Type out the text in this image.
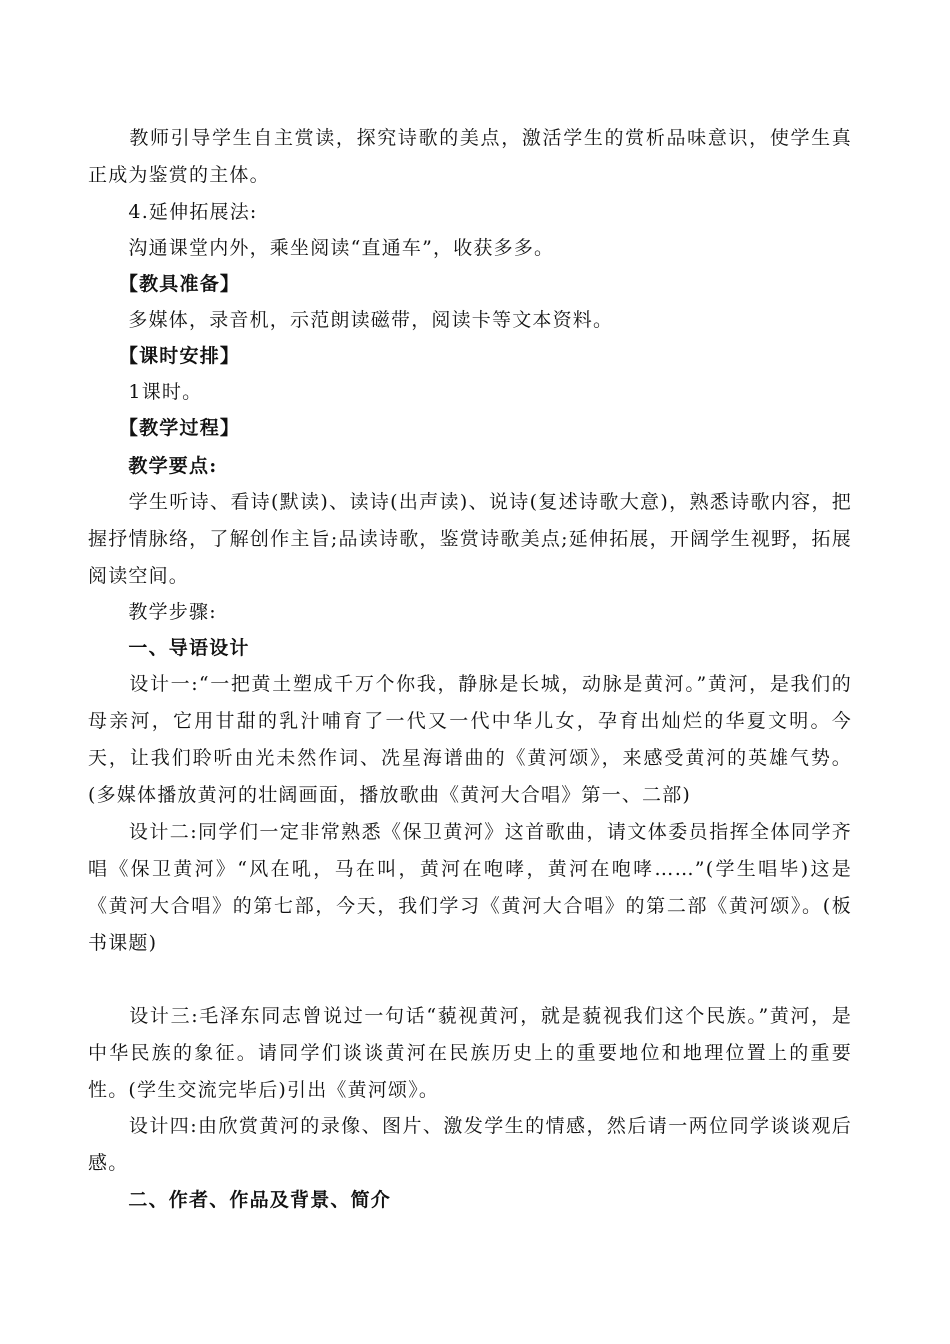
　　教师引导学生自主赏读，探究诗歌的美点，激活学生的赏析品味意识，使学生真正成为鉴赏的主体。

　　4.延伸拓展法:

　　沟通课堂内外，乘坐阅读“直通车”，收获多多。

　　【教具准备】

　　多媒体，录音机，示范朗读磁带，阅读卡等文本资料。

　　【课时安排】

　　1课时。

　　【教学过程】

　　教学要点:

　　学生听诗、看诗(默读)、读诗(出声读)、说诗(复述诗歌大意)，熟悉诗歌内容，把握抒情脉络，了解创作主旨;品读诗歌，鉴赏诗歌美点;延伸拓展，开阔学生视野，拓展阅读空间。

　　教学步骤:

　　一、导语设计

　　设计一:“一把黄土塑成千万个你我，静脉是长城，动脉是黄河。”黄河，是我们的母亲河，它用甘甜的乳汁哺育了一代又一代中华儿女，孕育出灿烂的华夏文明。今天，让我们聆听由光未然作词、冼星海谱曲的《黄河颂》，来感受黄河的英雄气势。(多媒体播放黄河的壮阔画面，播放歌曲《黄河大合唱》第一、二部)

　　设计二:同学们一定非常熟悉《保卫黄河》这首歌曲，请文体委员指挥全体同学齐唱《保卫黄河》“风在吼，马在叫，黄河在咆哮，黄河在咆哮……”(学生唱毕)这是《黄河大合唱》的第七部，今天，我们学习《黄河大合唱》的第二部《黄河颂》。(板书课题)

　　设计三:毛泽东同志曾说过一句话“藐视黄河，就是藐视我们这个民族。”黄河，是中华民族的象征。请同学们谈谈黄河在民族历史上的重要地位和地理位置上的重要性。(学生交流完毕后)引出《黄河颂》。

　　设计四:由欣赏黄河的录像、图片、激发学生的情感，然后请一两位同学谈谈观后感。

　　二、作者、作品及背景、简介
